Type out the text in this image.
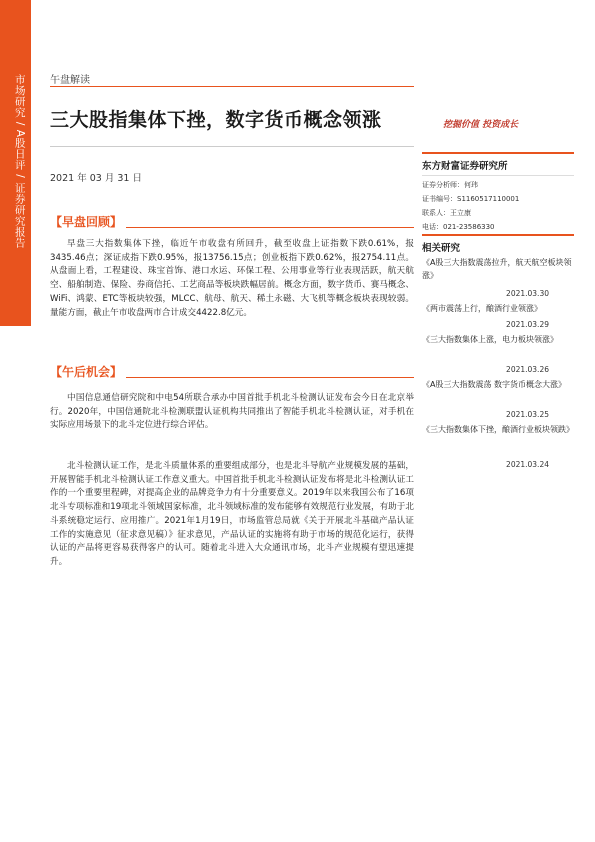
市场研究 / A股日评 / 证券研究报告 午盘解读
三大股指集体下挫，数字货币概念领涨	挖掘价值 投资成长
2021 年 03 月 31 日
【早盘回顾】
早盘三大指数集体下挫，临近午市收盘有所回升，截至收盘上证指数下跌0.61%，报3435.46点；深证成指下跌0.95%，报13756.15点；创业板指下跌0.62%，报2754.11点。从盘面上看，工程建设、珠宝首饰、港口水运、环保工程、公用事业等行业表现活跃，航天航空、船舶制造、保险、券商信托、工艺商品等板块跌幅居前。概念方面，数字货币、赛马概念、WiFi、鸿蒙、ETC等板块较强，MLCC、航母、航天、稀土永磁、大飞机等概念板块表现较弱。量能方面，截止午市收盘两市合计成交4422.8亿元。
【午后机会】
中国信息通信研究院和中电54所联合承办中国首批手机北斗检测认证发布会今日在北京举行。2020年，中国信通院北斗检测联盟认证机构共同推出了智能手机北斗检测认证，对手机在实际应用场景下的北斗定位进行综合评估。
北斗检测认证工作，是北斗质量体系的重要组成部分，也是北斗导航产业规模发展的基础，开展智能手机北斗检测认证工作意义重大。中国首批手机北斗检测认证发布将是北斗检测认证工作的一个重要里程碑，对提高企业的品牌竞争力有十分重要意义。2019年以来我国公布了16项北斗专项标准和19项北斗领域国家标准，北斗领域标准的发布能够有效规范行业发展，有助于北斗系统稳定运行、应用推广。2021年1月19日，市场监管总局就《关于开展北斗基础产品认证工作的实施意见（征求意见稿）》征求意见，产品认证的实施将有助于市场的规范化运行，获得认证的产品将更容易获得客户的认可。随着北斗进入大众通讯市场，北斗产业规模有望迅速提升。
东方财富证券研究所
证券分析师：何玮
证书编号：S1160517110001
联系人：王立康
电话：021-23586330
相关研究
《A股三大指数震荡拉升，航天航空板块领涨》
2021.03.30
《两市震荡上行，酿酒行业领涨》
2021.03.29
《三大指数集体上涨，电力板块领涨》
2021.03.26
《A股三大指数震荡 数字货币概念大涨》
2021.03.25
《三大指数集体下挫，酿酒行业板块领跌》
2021.03.24
